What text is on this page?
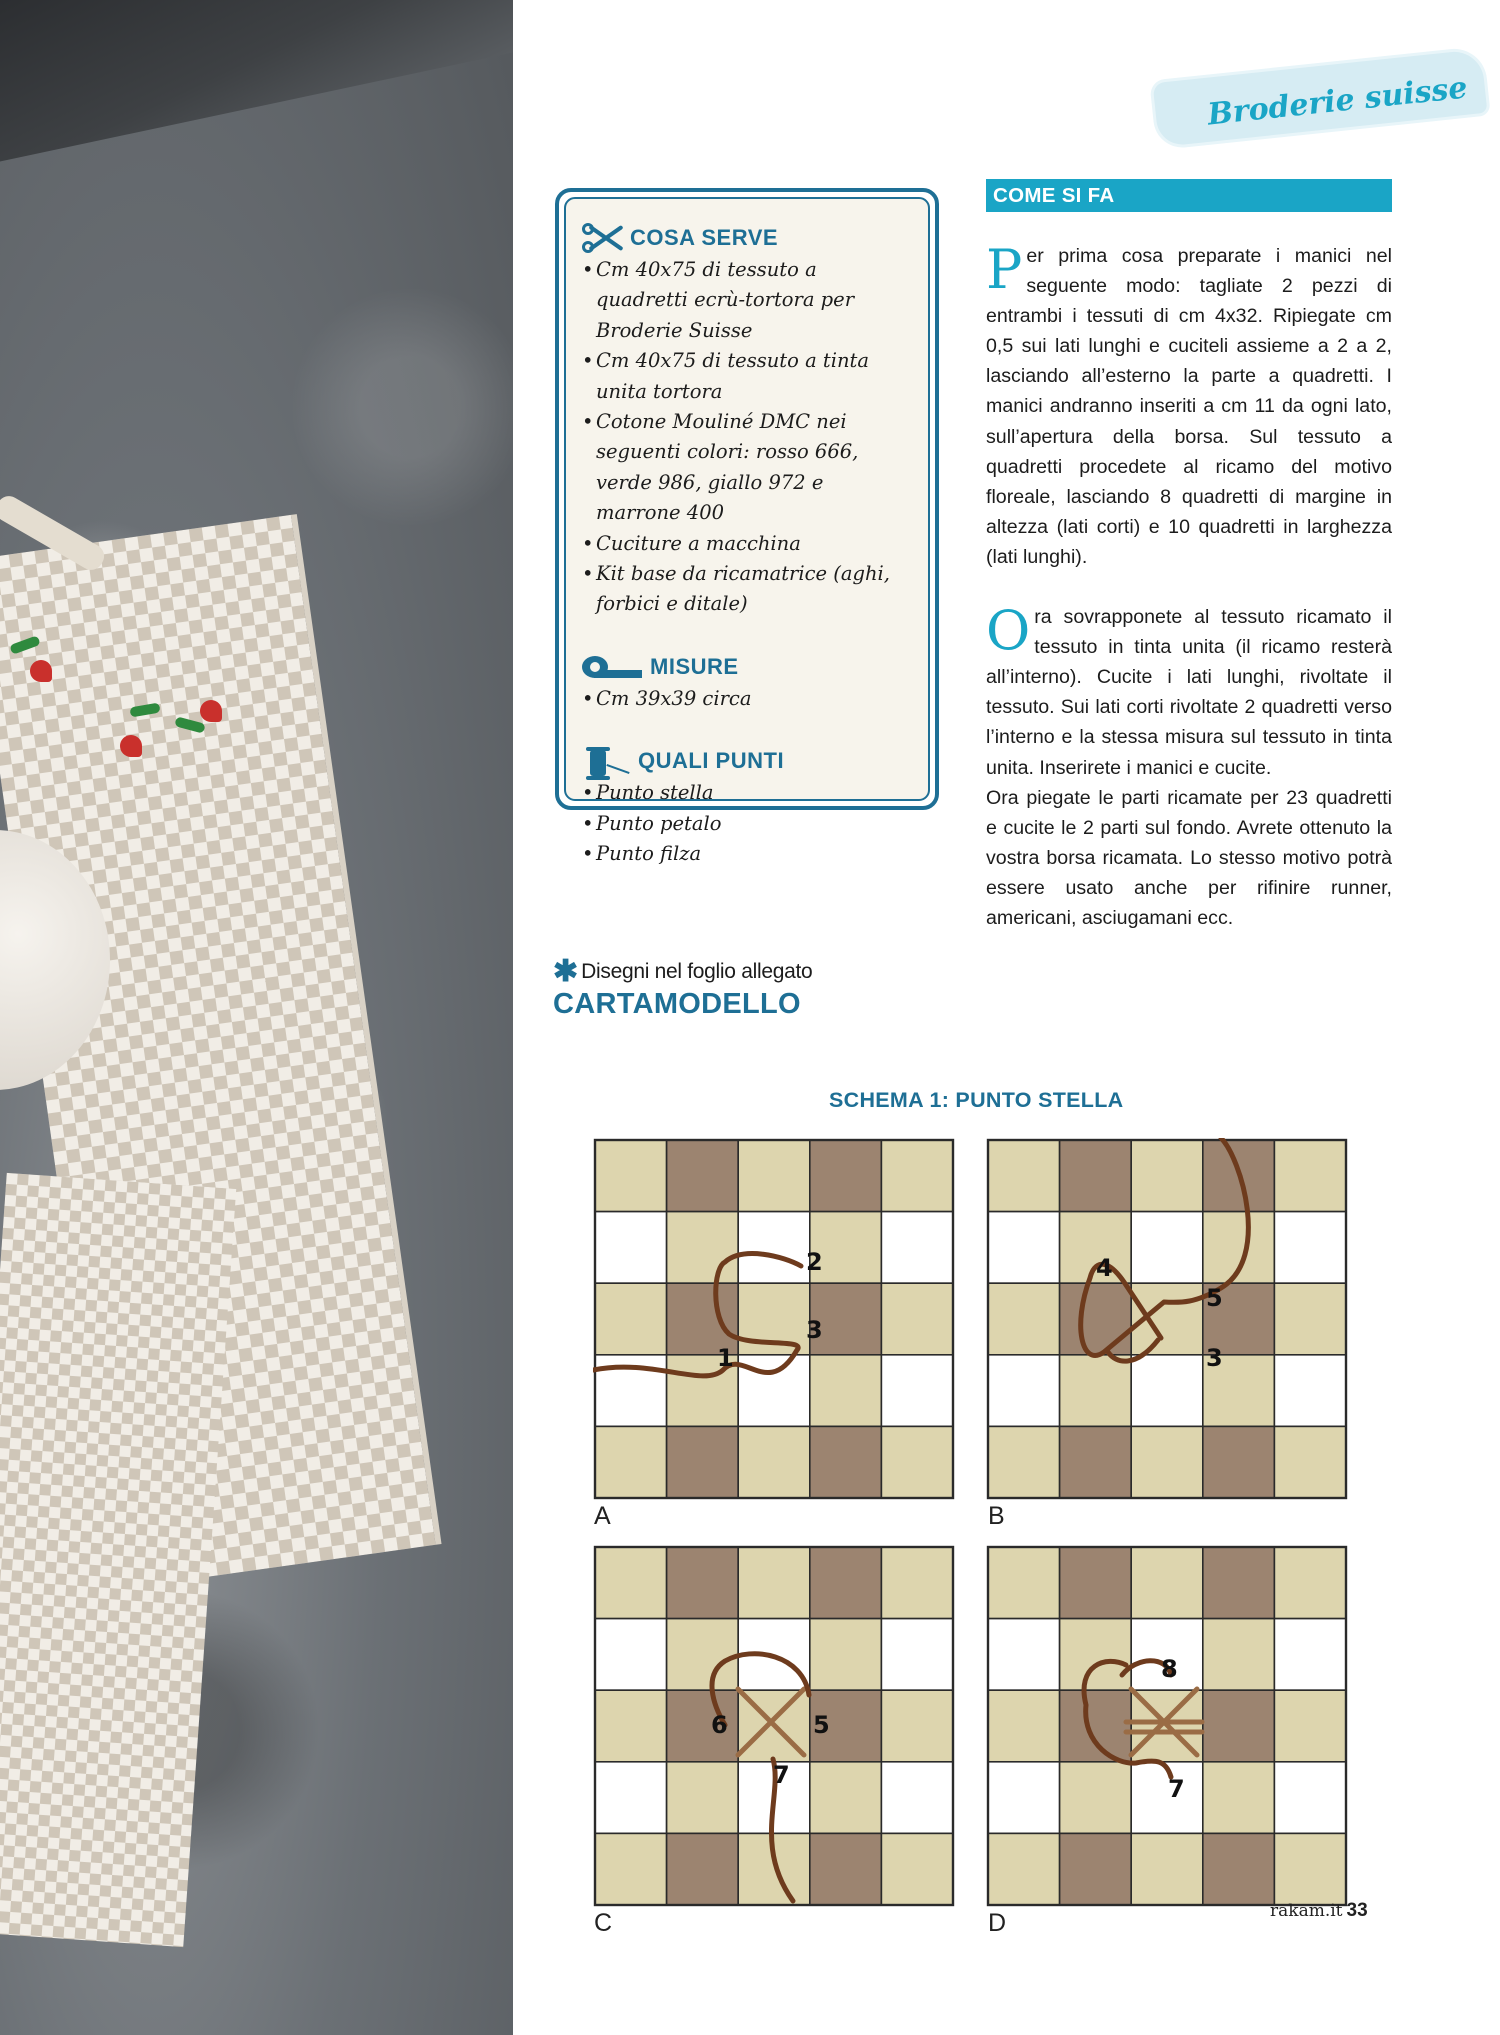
Broderie suisse
COSA SERVE
• Cm 40x75 di tessuto a quadretti ecrù-tortora per Broderie Suisse
• Cm 40x75 di tessuto a tinta unita tortora
• Cotone Mouliné DMC nei seguenti colori: rosso 666, verde 986, giallo 972 e marrone 400
• Cuciture a macchina
• Kit base da ricamatrice (aghi, forbici e ditale)
MISURE
• Cm 39x39 circa
QUALI PUNTI
• Punto stella
• Punto petalo
• Punto filza
✱ Disegni nel foglio allegato
CARTAMODELLO
COME SI FA

Per prima cosa preparate i manici nel seguente modo: tagliate 2 pezzi di entrambi i tessuti di cm 4x32. Ripiegate cm 0,5 sui lati lunghi e cuciteli assieme a 2 a 2, lasciando all’esterno la parte a quadretti. I manici andranno inseriti a cm 11 da ogni lato, sull’apertura della borsa. Sul tessuto a quadretti procedete al ricamo del motivo floreale, lasciando 8 quadretti di margine in altezza (lati corti) e 10 quadretti in larghezza (lati lunghi).

Ora sovrapponete al tessuto ricamato il tessuto in tinta unita (il ricamo resterà all’interno). Cucite i lati lunghi, rivoltate il tessuto. Sui lati corti rivoltate 2 quadretti verso l’interno e la stessa misura sul tessuto in tinta unita. Inserirete i manici e cucite.

Ora piegate le parti ricamate per 23 quadretti e cucite le 2 parti sul fondo. Avrete ottenuto la vostra borsa ricamata. Lo stesso motivo potrà essere usato anche per rifinire runner, americani, asciugamani ecc.

SCHEMA 1: PUNTO STELLA
1
2
3
A
4
5
3
B
6	5
7
C
8
7
D	rakam.it 33
